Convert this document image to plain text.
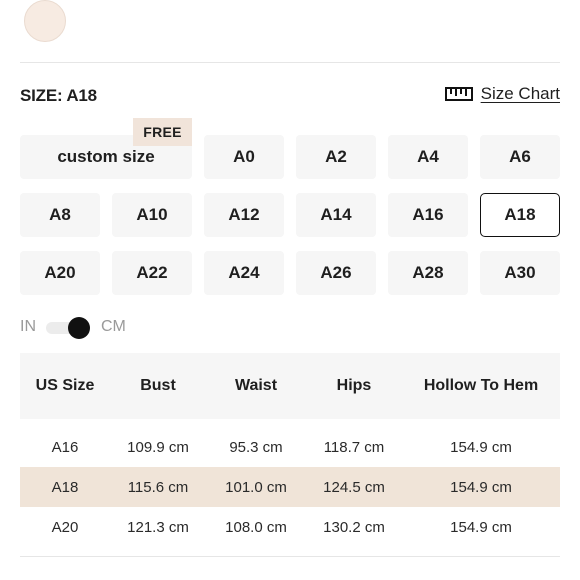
SIZE: A18	Size Chart
custom size	A0	A2	A4	A6
FREE
A8	A10	A12	A14	A16	A18
A20	A22	A24	A26	A28	A30
IN	CM
US Size	Bust	Waist	Hips	Hollow To Hem
A16	109.9 cm	95.3 cm	118.7 cm	154.9 cm
A18	115.6 cm	101.0 cm	124.5 cm	154.9 cm
A20	121.3 cm	108.0 cm	130.2 cm	154.9 cm
